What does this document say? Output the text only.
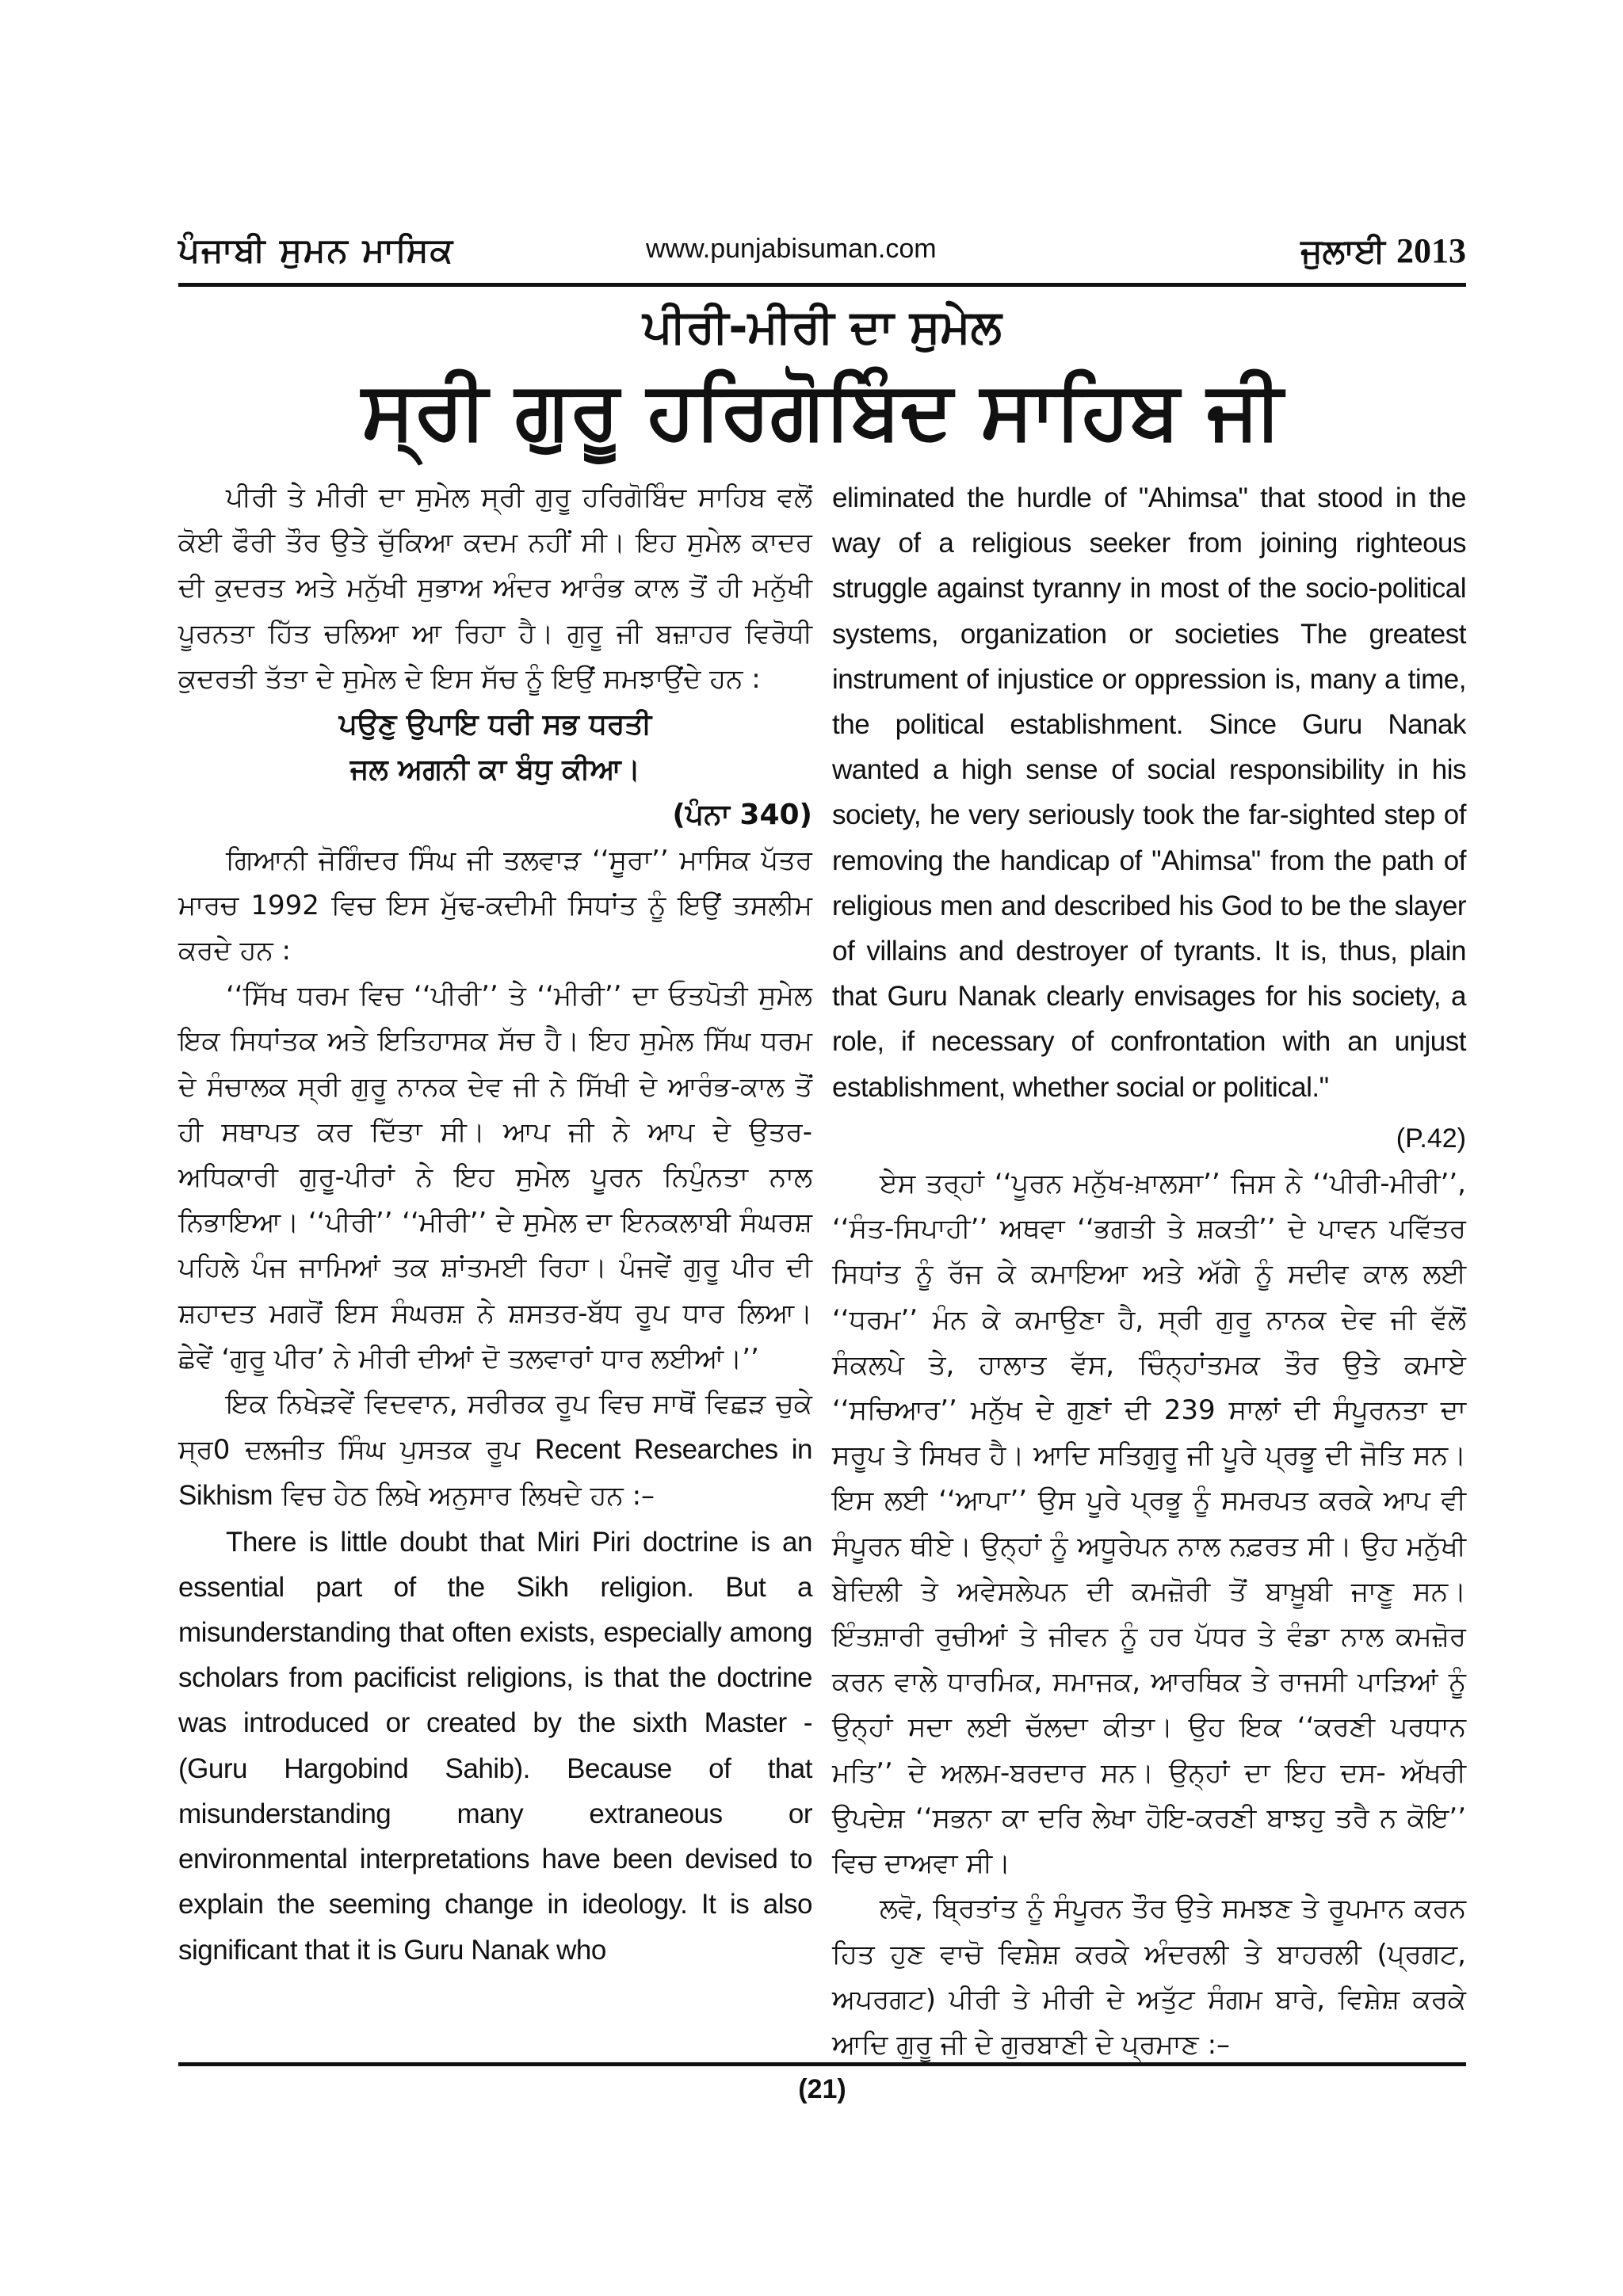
ਪੰਜਾਬੀ ਸੁਮਨ ਮਾਸਿਕ	www.punjabisuman.com	ਜੁਲਾਈ 2013
ਪੀਰੀ-ਮੀਰੀ ਦਾ ਸੁਮੇਲ
ਸ੍ਰੀ ਗੁਰੂ ਹਰਿਗੋਬਿੰਦ ਸਾਹਿਬ ਜੀ

ਪੀਰੀ ਤੇ ਮੀਰੀ ਦਾ ਸੁਮੇਲ ਸ੍ਰੀ ਗੁਰੂ ਹਰਿਗੋਬਿੰਦ ਸਾਹਿਬ ਵਲੋਂ ਕੋਈ ਫੌਰੀ ਤੌਰ ਉਤੇ ਚੁੱਕਿਆ ਕਦਮ ਨਹੀਂ ਸੀ। ਇਹ ਸੁਮੇਲ ਕਾਦਰ ਦੀ ਕੁਦਰਤ ਅਤੇ ਮਨੁੱਖੀ ਸੁਭਾਅ ਅੰਦਰ ਆਰੰਭ ਕਾਲ ਤੋਂ ਹੀ ਮਨੁੱਖੀ ਪੂਰਨਤਾ ਹਿੱਤ ਚਲਿਆ ਆ ਰਿਹਾ ਹੈ। ਗੁਰੂ ਜੀ ਬਜ਼ਾਹਰ ਵਿਰੋਧੀ ਕੁਦਰਤੀ ਤੱਤਾ ਦੇ ਸੁਮੇਲ ਦੇ ਇਸ ਸੱਚ ਨੂੰ ਇਉਂ ਸਮਝਾਉਂਦੇ ਹਨ :

ਪਉਣੁ ਉਪਾਇ ਧਰੀ ਸਭ ਧਰਤੀ

ਜਲ ਅਗਨੀ ਕਾ ਬੰਧੁ ਕੀਆ।

(ਪੰਨਾ 340)

ਗਿਆਨੀ ਜੋਗਿੰਦਰ ਸਿੰਘ ਜੀ ਤਲਵਾੜ ‘‘ਸੂਰਾ’’ ਮਾਸਿਕ ਪੱਤਰ ਮਾਰਚ 1992 ਵਿਚ ਇਸ ਮੁੱਢ-ਕਦੀਮੀ ਸਿਧਾਂਤ ਨੂੰ ਇਉਂ ਤਸਲੀਮ ਕਰਦੇ ਹਨ :

‘‘ਸਿੱਖ ਧਰਮ ਵਿਚ ‘‘ਪੀਰੀ’’ ਤੇ ‘‘ਮੀਰੀ’’ ਦਾ ਓਤਪੋਤੀ ਸੁਮੇਲ ਇਕ ਸਿਧਾਂਤਕ ਅਤੇ ਇਤਿਹਾਸਕ ਸੱਚ ਹੈ। ਇਹ ਸੁਮੇਲ ਸਿੱਘ ਧਰਮ ਦੇ ਸੰਚਾਲਕ ਸ੍ਰੀ ਗੁਰੂ ਨਾਨਕ ਦੇਵ ਜੀ ਨੇ ਸਿੱਖੀ ਦੇ ਆਰੰਭ-ਕਾਲ ਤੋਂ ਹੀ ਸਥਾਪਤ ਕਰ ਦਿੱਤਾ ਸੀ। ਆਪ ਜੀ ਨੇ ਆਪ ਦੇ ਉਤਰ-ਅਧਿਕਾਰੀ ਗੁਰੂ-ਪੀਰਾਂ ਨੇ ਇਹ ਸੁਮੇਲ ਪੂਰਨ ਨਿਪੁੰਨਤਾ ਨਾਲ ਨਿਭਾਇਆ। ‘‘ਪੀਰੀ’’ ‘‘ਮੀਰੀ’’ ਦੇ ਸੁਮੇਲ ਦਾ ਇਨਕਲਾਬੀ ਸੰਘਰਸ਼ ਪਹਿਲੇ ਪੰਜ ਜਾਮਿਆਂ ਤਕ ਸ਼ਾਂਤਮਈ ਰਿਹਾ। ਪੰਜਵੇਂ ਗੁਰੂ ਪੀਰ ਦੀ ਸ਼ਹਾਦਤ ਮਗਰੋਂ ਇਸ ਸੰਘਰਸ਼ ਨੇ ਸ਼ਸਤਰ-ਬੱਧ ਰੂਪ ਧਾਰ ਲਿਆ। ਛੇਵੇਂ ‘ਗੁਰੂ ਪੀਰ’ ਨੇ ਮੀਰੀ ਦੀਆਂ ਦੋ ਤਲਵਾਰਾਂ ਧਾਰ ਲਈਆਂ।’’

ਇਕ ਨਿਖੇੜਵੇਂ ਵਿਦਵਾਨ, ਸਰੀਰਕ ਰੂਪ ਵਿਚ ਸਾਥੋਂ ਵਿਛੜ ਚੁਕੇ ਸ੍ਰ0 ਦਲਜੀਤ ਸਿੰਘ ਪੁਸਤਕ ਰੂਪ Recent Researches in Sikhism ਵਿਚ ਹੇਠ ਲਿਖੇ ਅਨੁਸਾਰ ਲਿਖਦੇ ਹਨ :–

There is little doubt that Miri Piri doctrine is an essential part of the Sikh religion. But a misunderstanding that often exists, especially among scholars from pacificist religions, is that the doctrine was introduced or created by the sixth Master - (Guru Hargobind Sahib). Because of that misunderstanding many extraneous or environmental interpretations have been devised to explain the seeming change in ideology. It is also significant that it is Guru Nanak who

eliminated the hurdle of "Ahimsa" that stood in the way of a religious seeker from joining righteous struggle against tyranny in most of the socio-political systems, organization or societies The greatest instrument of injustice or oppression is, many a time, the political establishment. Since Guru Nanak wanted a high sense of social responsibility in his society, he very seriously took the far-sighted step of removing the handicap of "Ahimsa" from the path of religious men and described his God to be the slayer of villains and destroyer of tyrants. It is, thus, plain that Guru Nanak clearly envisages for his society, a role, if necessary of confrontation with an unjust establishment, whether social or political."

(P.42)

ਏਸ ਤਰ੍ਹਾਂ ‘‘ਪੂਰਨ ਮਨੁੱਖ-ਖ਼ਾਲਸਾ’’ ਜਿਸ ਨੇ ‘‘ਪੀਰੀ-ਮੀਰੀ’’, ‘‘ਸੰਤ-ਸਿਪਾਹੀ’’ ਅਥਵਾ ‘‘ਭਗਤੀ ਤੇ ਸ਼ਕਤੀ’’ ਦੇ ਪਾਵਨ ਪਵਿੱਤਰ ਸਿਧਾਂਤ ਨੂੰ ਰੱਜ ਕੇ ਕਮਾਇਆ ਅਤੇ ਅੱਗੇ ਨੂੰ ਸਦੀਵ ਕਾਲ ਲਈ ‘‘ਧਰਮ’’ ਮੰਨ ਕੇ ਕਮਾਉਣਾ ਹੈ, ਸ੍ਰੀ ਗੁਰੂ ਨਾਨਕ ਦੇਵ ਜੀ ਵੱਲੋਂ ਸੰਕਲਪੇ ਤੇ, ਹਾਲਾਤ ਵੱਸ, ਚਿੰਨ੍ਹਾਂਤਮਕ ਤੌਰ ਉਤੇ ਕਮਾਏ ‘‘ਸਚਿਆਰ’’ ਮਨੁੱਖ ਦੇ ਗੁਣਾਂ ਦੀ 239 ਸਾਲਾਂ ਦੀ ਸੰਪੂਰਨਤਾ ਦਾ ਸਰੂਪ ਤੇ ਸਿਖਰ ਹੈ। ਆਦਿ ਸਤਿਗੁਰੂ ਜੀ ਪੂਰੇ ਪ੍ਰਭੂ ਦੀ ਜੋਤਿ ਸਨ। ਇਸ ਲਈ ‘‘ਆਪਾ’’ ਉਸ ਪੂਰੇ ਪ੍ਰਭੂ ਨੂੰ ਸਮਰਪਤ ਕਰਕੇ ਆਪ ਵੀ ਸੰਪੂਰਨ ਥੀਏ। ਉਨ੍ਹਾਂ ਨੂੰ ਅਧੂਰੇਪਨ ਨਾਲ ਨਫ਼ਰਤ ਸੀ। ਉਹ ਮਨੁੱਖੀ ਬੇਦਿਲੀ ਤੇ ਅਵੇਸਲੇਪਨ ਦੀ ਕਮਜ਼ੋਰੀ ਤੋਂ ਬਾਖ਼ੂਬੀ ਜਾਣੂ ਸਨ। ਇੰਤਸ਼ਾਰੀ ਰੁਚੀਆਂ ਤੇ ਜੀਵਨ ਨੂੰ ਹਰ ਪੱਧਰ ਤੇ ਵੰਡਾ ਨਾਲ ਕਮਜ਼ੋਰ ਕਰਨ ਵਾਲੇ ਧਾਰਮਿਕ, ਸਮਾਜਕ, ਆਰਥਿਕ ਤੇ ਰਾਜਸੀ ਪਾੜਿਆਂ ਨੂੰ ਉਨ੍ਹਾਂ ਸਦਾ ਲਈ ਚੱਲਦਾ ਕੀਤਾ। ਉਹ ਇਕ ‘‘ਕਰਣੀ ਪਰਧਾਨ ਮਤਿ’’ ਦੇ ਅਲਮ-ਬਰਦਾਰ ਸਨ। ਉਨ੍ਹਾਂ ਦਾ ਇਹ ਦਸ- ਅੱਖਰੀ ਉਪਦੇਸ਼ ‘‘ਸਭਨਾ ਕਾ ਦਰਿ ਲੇਖਾ ਹੋਇ-ਕਰਣੀ ਬਾਝਹੁ ਤਰੈ ਨ ਕੋਇ’’ ਵਿਚ ਦਾਅਵਾ ਸੀ।

ਲਵੋ, ਬ੍ਰਿਤਾਂਤ ਨੂੰ ਸੰਪੂਰਨ ਤੌਰ ਉਤੇ ਸਮਝਣ ਤੇ ਰੂਪਮਾਨ ਕਰਨ ਹਿਤ ਹੁਣ ਵਾਚੋ ਵਿਸ਼ੇਸ਼ ਕਰਕੇ ਅੰਦਰਲੀ ਤੇ ਬਾਹਰਲੀ (ਪ੍ਰਗਟ, ਅਪਰਗਟ) ਪੀਰੀ ਤੇ ਮੀਰੀ ਦੇ ਅਤੁੱਟ ਸੰਗਮ ਬਾਰੇ, ਵਿਸ਼ੇਸ਼ ਕਰਕੇ ਆਦਿ ਗੁਰੂ ਜੀ ਦੇ ਗੁਰਬਾਣੀ ਦੇ ਪ੍ਰਮਾਣ :–

(21)
